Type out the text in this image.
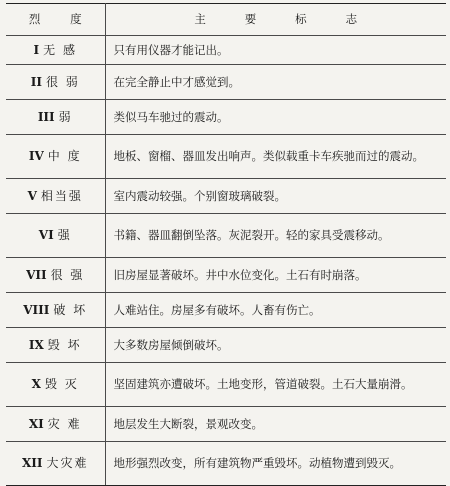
烈 度	主 要 标 志

I 无 感	只有用仪器才能记出。
II 很 弱	在完全静止中才感觉到。
III 弱	类似马车驰过的震动。
IV 中 度	地板、窗榴、器皿发出响声。类似载重卡车疾驰而过的震动。
V 相当强	室内震动较强。个别窗玻璃破裂。
VI 强	书籍、器皿翻倒坠落。灰泥裂开。轻的家具受震移动。
VII 很 强	旧房屋显著破坏。井中水位变化。土石有时崩落。
VIII 破 坏	人难站住。房屋多有破坏。人畜有伤亡。
IX 毁 坏	大多数房屋倾倒破坏。
X 毁 灭	坚固建筑亦遭破坏。土地变形，管道破裂。土石大量崩滑。
XI 灾 难	地层发生大断裂，景观改变。
XII 大灾难	地形强烈改变，所有建筑物严重毁坏。动植物遭到毁灭。
